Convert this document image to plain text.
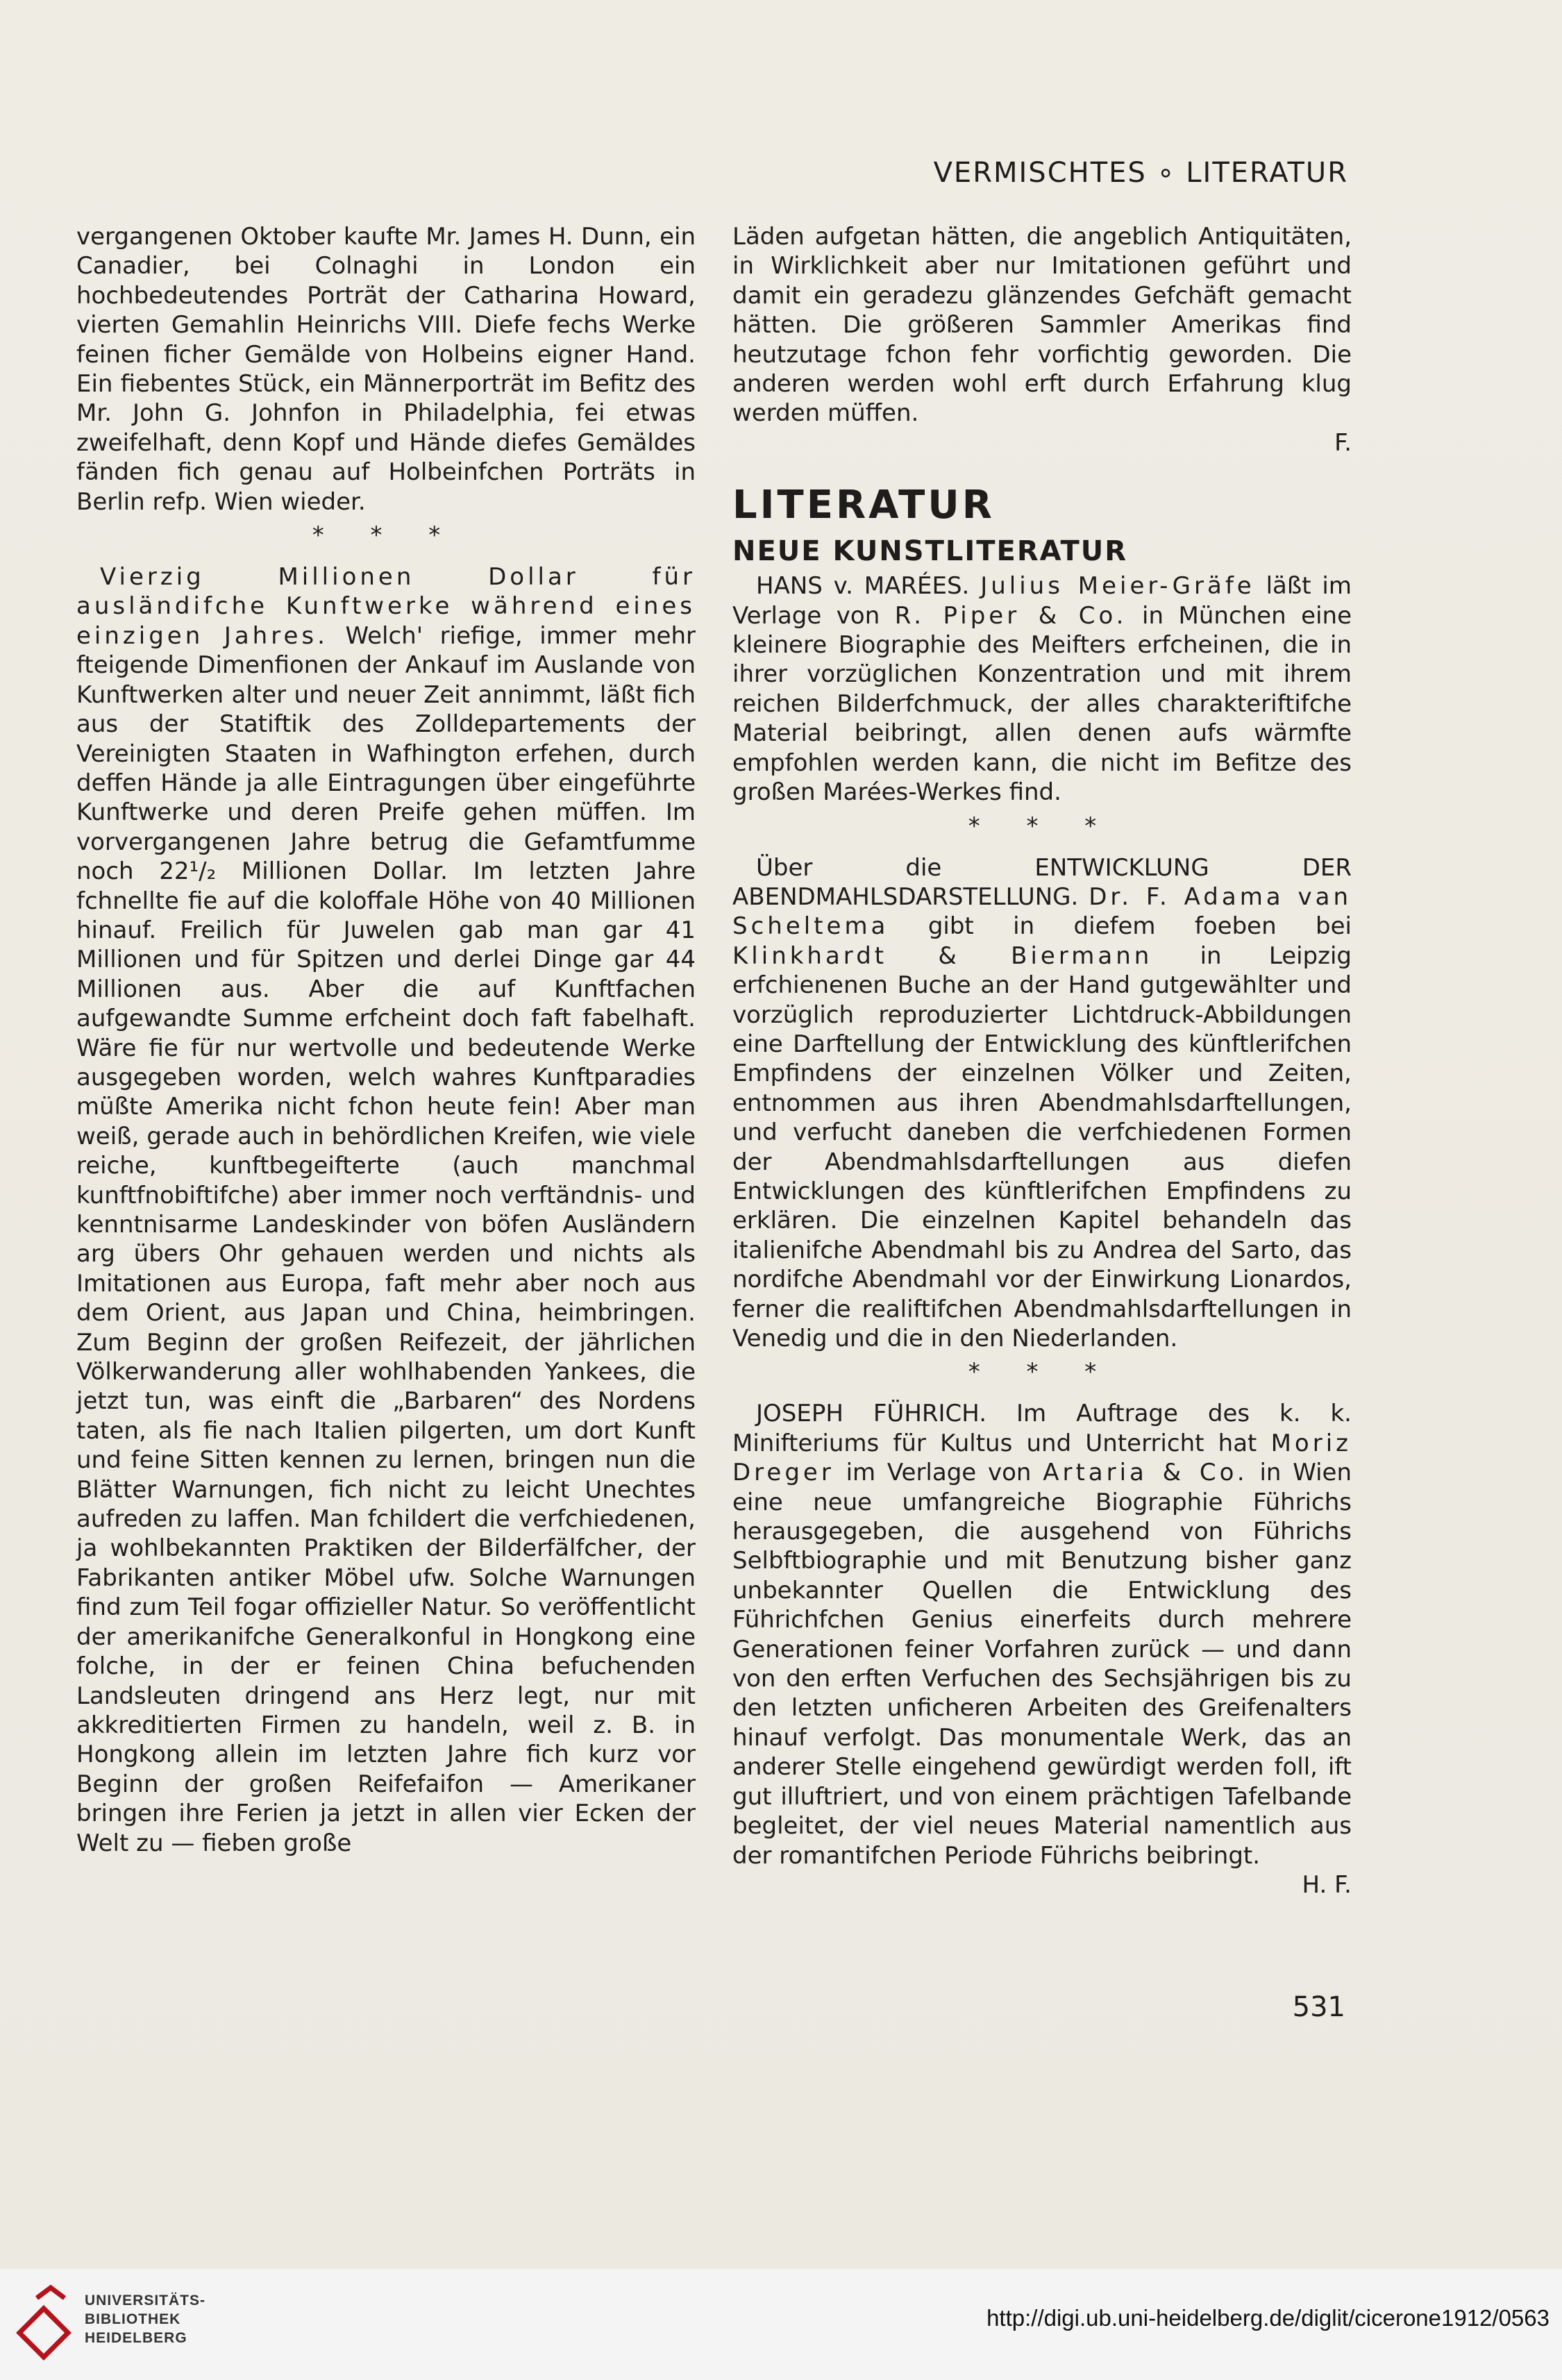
VERMISCHTES ∘ LITERATUR

vergangenen Oktober kaufte Mr. James H. Dunn, ein Canadier, bei Colnaghi in London ein hochbedeutendes Porträt der Catharina Howard, vierten Gemahlin Heinrichs VIII. Diefe fechs Werke feinen ficher Gemälde von Holbeins eigner Hand. Ein fiebentes Stück, ein Männerporträt im Befitz des Mr. John G. Johnfon in Philadelphia, fei etwas zweifelhaft, denn Kopf und Hände diefes Gemäldes fänden fich genau auf Holbeinfchen Porträts in Berlin refp. Wien wieder.

* * *

Vierzig Millionen Dollar für ausländifche Kunftwerke während eines einzigen Jahres. Welch' riefige, immer mehr fteigende Dimenfionen der Ankauf im Auslande von Kunftwerken alter und neuer Zeit annimmt, läßt fich aus der Statiftik des Zolldepartements der Vereinigten Staaten in Wafhington erfehen, durch deffen Hände ja alle Eintragungen über eingeführte Kunftwerke und deren Preife gehen müffen. Im vorvergangenen Jahre betrug die Gefamtfumme noch 22¹/₂ Millionen Dollar. Im letzten Jahre fchnellte fie auf die koloffale Höhe von 40 Millionen hinauf. Freilich für Juwelen gab man gar 41 Millionen und für Spitzen und derlei Dinge gar 44 Millionen aus. Aber die auf Kunftfachen aufgewandte Summe erfcheint doch faft fabelhaft. Wäre fie für nur wertvolle und bedeutende Werke ausgegeben worden, welch wahres Kunftparadies müßte Amerika nicht fchon heute fein! Aber man weiß, gerade auch in behördlichen Kreifen, wie viele reiche, kunftbegeifterte (auch manchmal kunftfnobiftifche) aber immer noch verftändnis- und kenntnisarme Landeskinder von böfen Ausländern arg übers Ohr gehauen werden und nichts als Imitationen aus Europa, faft mehr aber noch aus dem Orient, aus Japan und China, heimbringen. Zum Beginn der großen Reifezeit, der jährlichen Völkerwanderung aller wohlhabenden Yankees, die jetzt tun, was einft die „Barbaren“ des Nordens taten, als fie nach Italien pilgerten, um dort Kunft und feine Sitten kennen zu lernen, bringen nun die Blätter Warnungen, fich nicht zu leicht Unechtes aufreden zu laffen. Man fchildert die verfchiedenen, ja wohlbekannten Praktiken der Bilderfälfcher, der Fabrikanten antiker Möbel ufw. Solche Warnungen find zum Teil fogar offizieller Natur. So veröffentlicht der amerikanifche Generalkonful in Hongkong eine folche, in der er feinen China befuchenden Landsleuten dringend ans Herz legt, nur mit akkreditierten Firmen zu handeln, weil z. B. in Hongkong allein im letzten Jahre fich kurz vor Beginn der großen Reifefaifon — Amerikaner bringen ihre Ferien ja jetzt in allen vier Ecken der Welt zu — fieben große

Läden aufgetan hätten, die angeblich Antiquitäten, in Wirklichkeit aber nur Imitationen geführt und damit ein geradezu glänzendes Gefchäft gemacht hätten. Die größeren Sammler Amerikas find heutzutage fchon fehr vorfichtig geworden. Die anderen werden wohl erft durch Erfahrung klug werden müffen.
F.

LITERATUR
NEUE KUNSTLITERATUR

HANS v. MARÉES. Julius Meier-Gräfe läßt im Verlage von R. Piper & Co. in München eine kleinere Biographie des Meifters erfcheinen, die in ihrer vorzüglichen Konzentration und mit ihrem reichen Bilderfchmuck, der alles charakteriftifche Material beibringt, allen denen aufs wärmfte empfohlen werden kann, die nicht im Befitze des großen Marées-Werkes find.

* * *

Über die ENTWICKLUNG DER ABENDMAHLSDARSTELLUNG. Dr. F. Adama van Scheltema gibt in diefem foeben bei Klinkhardt & Biermann in Leipzig erfchienenen Buche an der Hand gutgewählter und vorzüglich reproduzierter Lichtdruck-Abbildungen eine Darftellung der Entwicklung des künftlerifchen Empfindens der einzelnen Völker und Zeiten, entnommen aus ihren Abendmahlsdarftellungen, und verfucht daneben die verfchiedenen Formen der Abendmahlsdarftellungen aus diefen Entwicklungen des künftlerifchen Empfindens zu erklären. Die einzelnen Kapitel behandeln das italienifche Abendmahl bis zu Andrea del Sarto, das nordifche Abendmahl vor der Einwirkung Lionardos, ferner die realiftifchen Abendmahlsdarftellungen in Venedig und die in den Niederlanden.

* * *

JOSEPH FÜHRICH. Im Auftrage des k. k. Minifteriums für Kultus und Unterricht hat Moriz Dreger im Verlage von Artaria & Co. in Wien eine neue umfangreiche Biographie Führichs herausgegeben, die ausgehend von Führichs Selbftbiographie und mit Benutzung bisher ganz unbekannter Quellen die Entwicklung des Führichfchen Genius einerfeits durch mehrere Generationen feiner Vorfahren zurück — und dann von den erften Verfuchen des Sechsjährigen bis zu den letzten unficheren Arbeiten des Greifenalters hinauf verfolgt. Das monumentale Werk, das an anderer Stelle eingehend gewürdigt werden foll, ift gut illuftriert, und von einem prächtigen Tafelbande begleitet, der viel neues Material namentlich aus der romantifchen Periode Führichs beibringt.
H. F.

531
UNIVERSITÄTS-
BIBLIOTHEK
HEIDELBERG
http://digi.ub.uni-heidelberg.de/diglit/cicerone1912/0563
